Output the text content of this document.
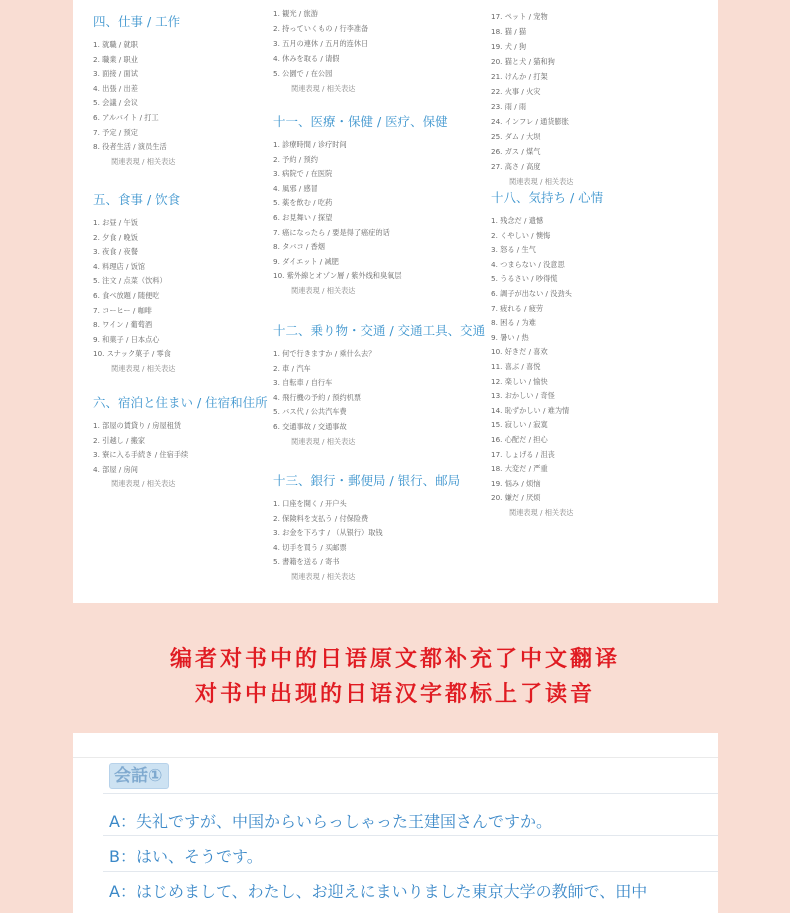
四、仕事 / 工作
1. 就職 / 就职
2. 職業 / 职业
3. 面接 / 面试
4. 出張 / 出差
5. 会議 / 会议
6. アルバイト / 打工
7. 予定 / 预定
8. 役者生活 / 演员生活
関連表現 / 相关表达
五、食事 / 饮食
1. お昼 / 午饭
2. 夕食 / 晚饭
3. 夜食 / 夜餐
4. 料理店 / 饭馆
5. 注文 / 点菜（饮料）
6. 食べ放題 / 随便吃
7. コーヒー / 咖啡
8. ワイン / 葡萄酒
9. 和菓子 / 日本点心
10. スナック菓子 / 零食
関連表現 / 相关表达
六、宿泊と住まい / 住宿和住所
1. 部屋の賃貸り / 房屋租赁
2. 引越し / 搬家
3. 寮に入る手続き / 住宿手续
4. 部屋 / 房间
関連表現 / 相关表达
1. 観光 / 旅游
2. 持っていくもの / 行李准备
3. 五月の連休 / 五月的连休日
4. 休みを取る / 请假
5. 公園で / 在公园
関連表現 / 相关表达
十一、医療・保健 / 医疗、保健
1. 診療時間 / 诊疗时间
2. 予約 / 预约
3. 病院で / 在医院
4. 風邪 / 感冒
5. 薬を飲む / 吃药
6. お見舞い / 探望
7. 癌になったら / 要是得了癌症的话
8. タバコ / 香烟
9. ダイエット / 减肥
10. 紫外線とオゾン層 / 紫外线和臭氧层
関連表現 / 相关表达
十二、乗り物・交通 / 交通工具、交通
1. 何で行きますか / 乘什么去？
2. 車 / 汽车
3. 自転車 / 自行车
4. 飛行機の予約 / 预约机票
5. バス代 / 公共汽车费
6. 交通事故 / 交通事故
関連表現 / 相关表达
十三、銀行・郵便局 / 银行、邮局
1. 口座を開く / 开户头
2. 保険料を支払う / 付保险费
3. お金を下ろす / （从银行）取钱
4. 切手を買う / 买邮票
5. 書籍を送る / 寄书
関連表現 / 相关表达
17. ペット / 宠物
18. 猫 / 猫
19. 犬 / 狗
20. 猫と犬 / 猫和狗
21. けんか / 打架
22. 火事 / 火灾
23. 雨 / 雨
24. インフレ / 通货膨胀
25. ダム / 大坝
26. ガス / 煤气
27. 高さ / 高度
関連表現 / 相关表达
十八、気持ち / 心情
1. 残念だ / 遗憾
2. くやしい / 懊悔
3. 怒る / 生气
4. つまらない / 没意思
5. うるさい / 吵得慌
6. 調子が出ない / 没劲头
7. 疲れる / 疲劳
8. 困る / 为难
9. 暑い / 热
10. 好きだ / 喜欢
11. 喜ぶ / 喜悦
12. 楽しい / 愉快
13. おかしい / 奇怪
14. 恥ずかしい / 难为情
15. 寂しい / 寂寞
16. 心配だ / 担心
17. しょげる / 沮丧
18. 大変だ / 严重
19. 悩み / 烦恼
20. 嫌だ / 厌烦
関連表現 / 相关表达
编者对书中的日语原文都补充了中文翻译
对书中出现的日语汉字都标上了读音
会話①
A：失礼ですが、中国からいらっしゃった王建国さんですか。
B：はい、そうです。
A：はじめまして、わたし、お迎えにまいりました東京大学の教師で、田中
